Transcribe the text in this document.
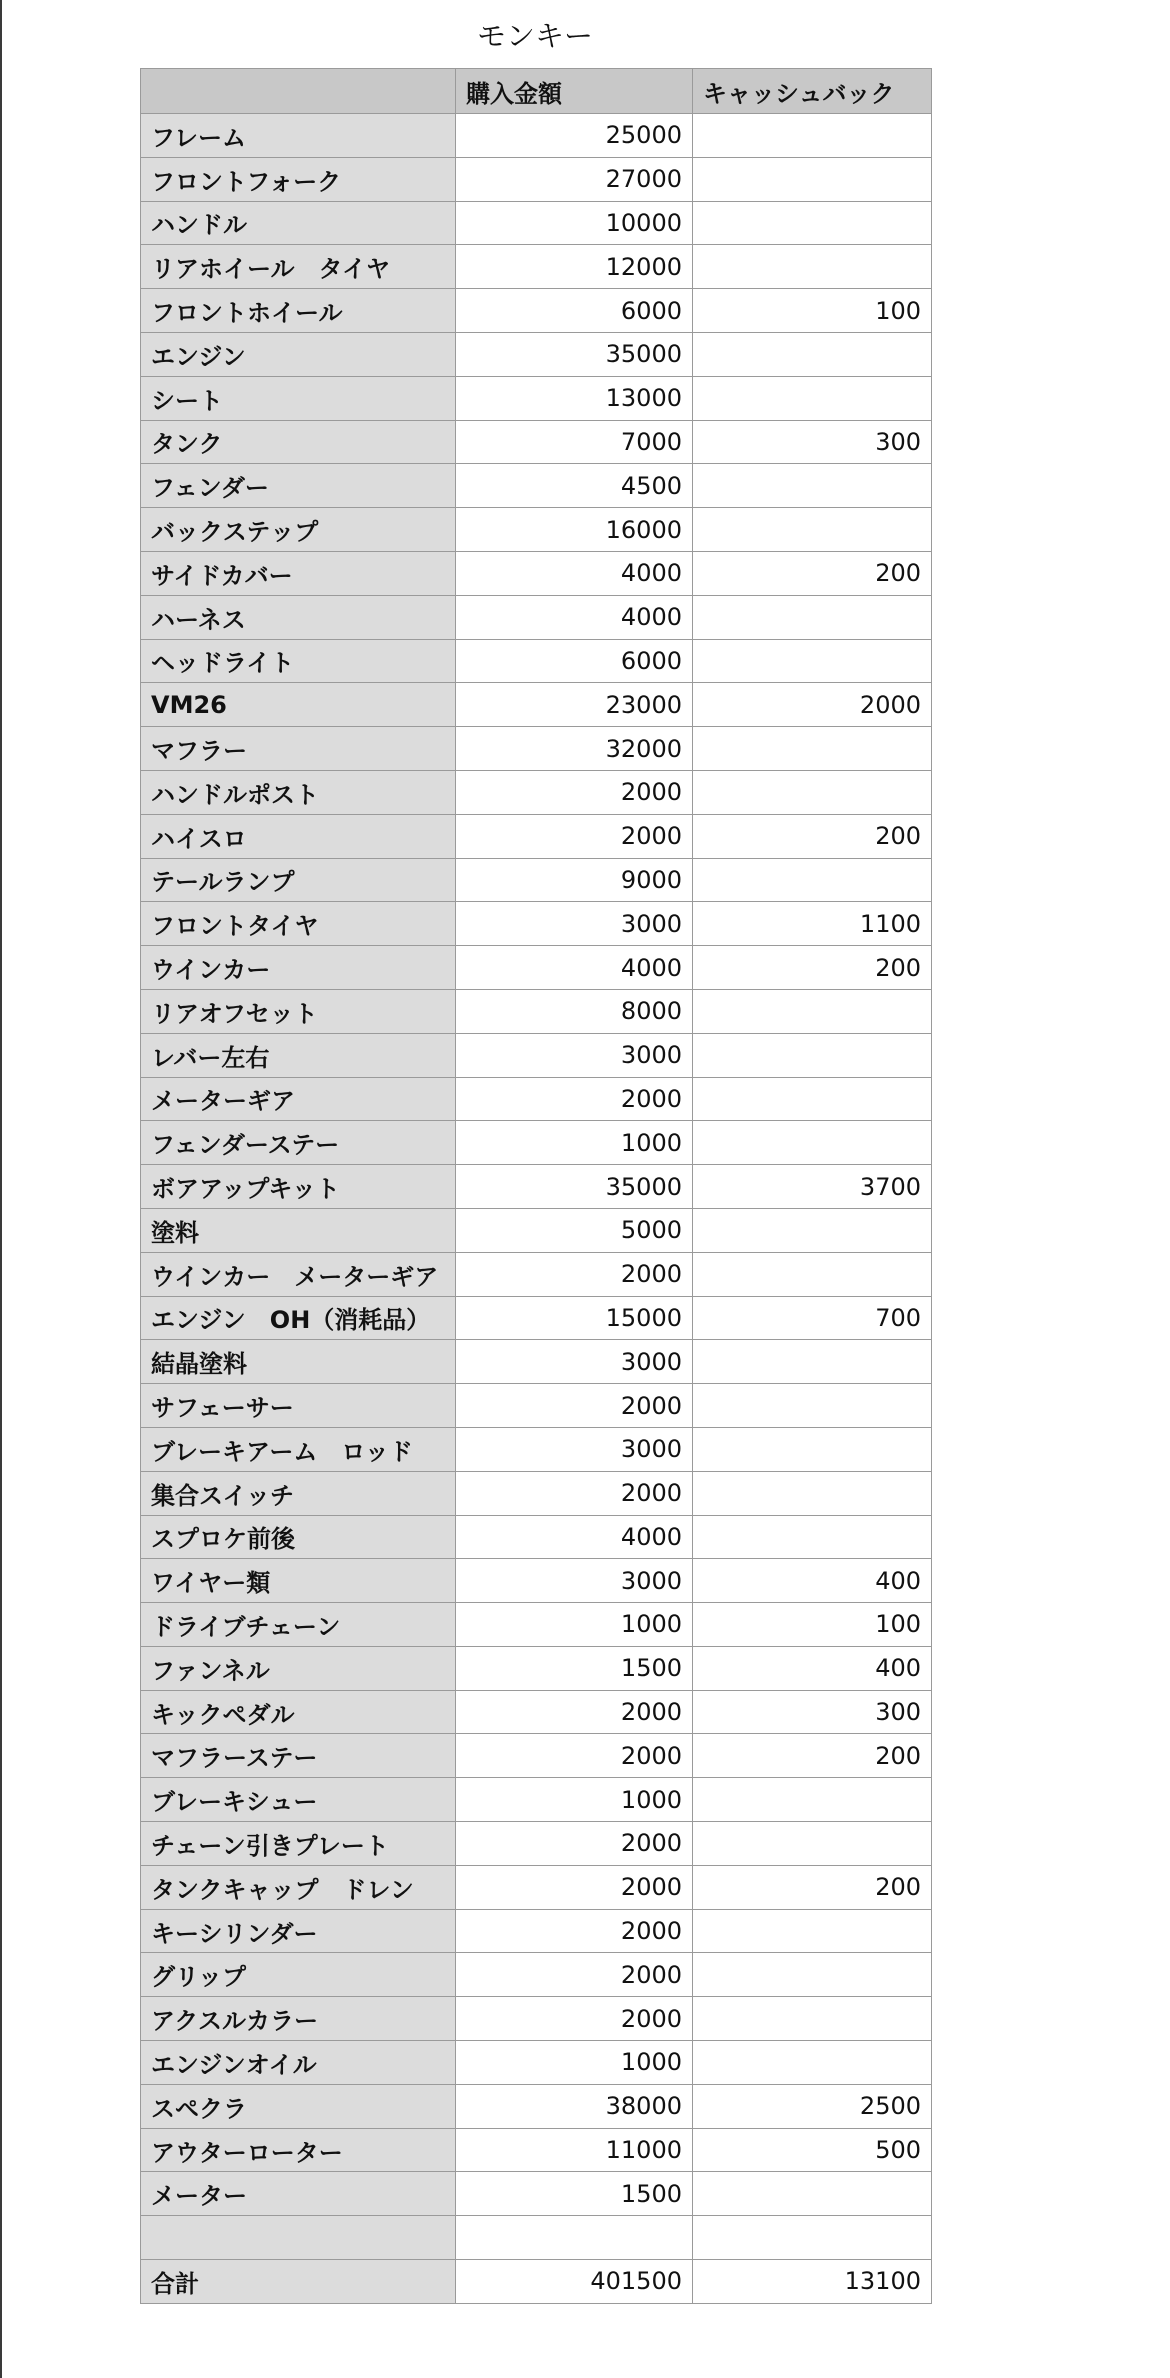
モンキー
	購入金額	キャッシュバック
フレーム	25000	
フロントフォーク	27000	
ハンドル	10000	
リアホイール　タイヤ	12000	
フロントホイール	6000	100
エンジン	35000	
シート	13000	
タンク	7000	300
フェンダー	4500	
バックステップ	16000	
サイドカバー	4000	200
ハーネス	4000	
ヘッドライト	6000	
VM26	23000	2000
マフラー	32000	
ハンドルポスト	2000	
ハイスロ	2000	200
テールランプ	9000	
フロントタイヤ	3000	1100
ウインカー	4000	200
リアオフセット	8000	
レバー左右	3000	
メーターギア	2000	
フェンダーステー	1000	
ボアアップキット	35000	3700
塗料	5000	
ウインカー　メーターギア	2000	
エンジン　OH（消耗品）	15000	700
結晶塗料	3000	
サフェーサー	2000	
ブレーキアーム　ロッド	3000	
集合スイッチ	2000	
スプロケ前後	4000	
ワイヤー類	3000	400
ドライブチェーン	1000	100
ファンネル	1500	400
キックペダル	2000	300
マフラーステー	2000	200
ブレーキシュー	1000	
チェーン引きプレート	2000	
タンクキャップ　ドレン	2000	200
キーシリンダー	2000	
グリップ	2000	
アクスルカラー	2000	
エンジンオイル	1000	
スペクラ	38000	2500
アウターローター	11000	500
メーター	1500	

合計	401500	13100
